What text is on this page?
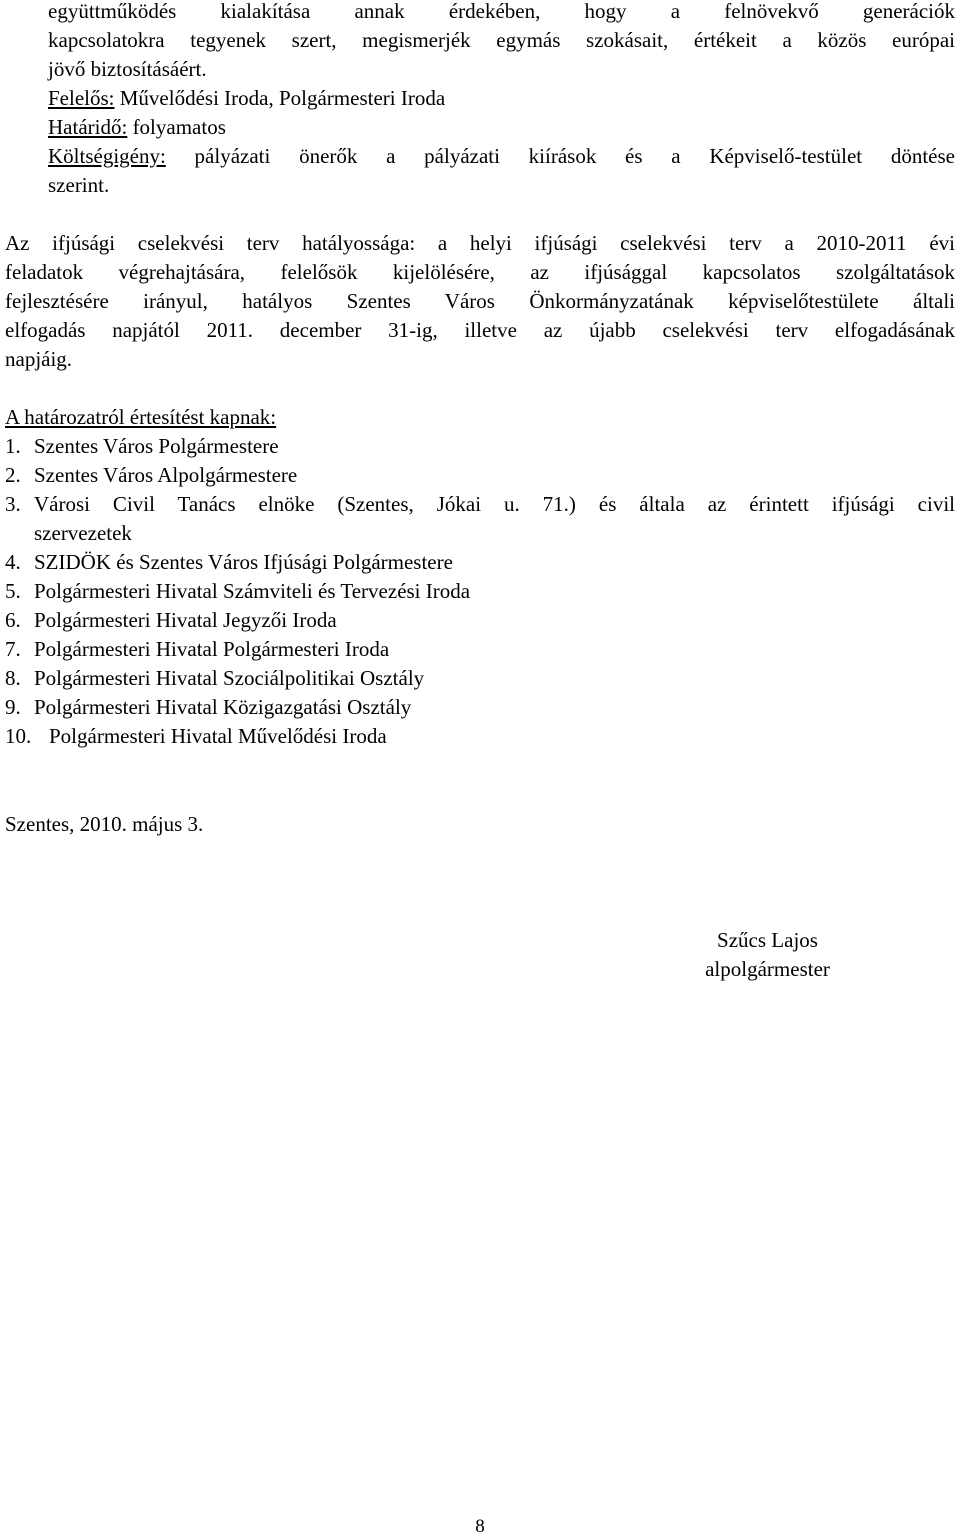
együttműködés kialakítása annak érdekében, hogy a felnövekvő generációk
kapcsolatokra tegyenek szert, megismerjék egymás szokásait, értékeit a közös európai
jövő biztosításáért.
Felelős: Művelődési Iroda, Polgármesteri Iroda
Határidő: folyamatos
Költségigény: pályázati önerők a pályázati kiírások és a Képviselő-testület döntése
szerint.
Az ifjúsági cselekvési terv hatályossága: a helyi ifjúsági cselekvési terv a 2010-2011 évi
feladatok végrehajtására, felelősök kijelölésére, az ifjúsággal kapcsolatos szolgáltatások
fejlesztésére irányul, hatályos Szentes Város Önkormányzatának képviselőtestülete általi
elfogadás napjától 2011. december 31-ig, illetve az újabb cselekvési terv elfogadásának
napjáig.
A határozatról értesítést kapnak:
1. Szentes Város Polgármestere
2. Szentes Város Alpolgármestere
3. Városi Civil Tanács elnöke (Szentes, Jókai u. 71.) és általa az érintett ifjúsági civil
szervezetek
4. SZIDÖK és Szentes Város Ifjúsági Polgármestere
5. Polgármesteri Hivatal Számviteli és Tervezési Iroda
6. Polgármesteri Hivatal Jegyzői Iroda
7. Polgármesteri Hivatal Polgármesteri Iroda
8. Polgármesteri Hivatal Szociálpolitikai Osztály
9. Polgármesteri Hivatal Közigazgatási Osztály
10. Polgármesteri Hivatal Művelődési Iroda
Szentes, 2010. május 3.
Szűcs Lajos
alpolgármester
8
